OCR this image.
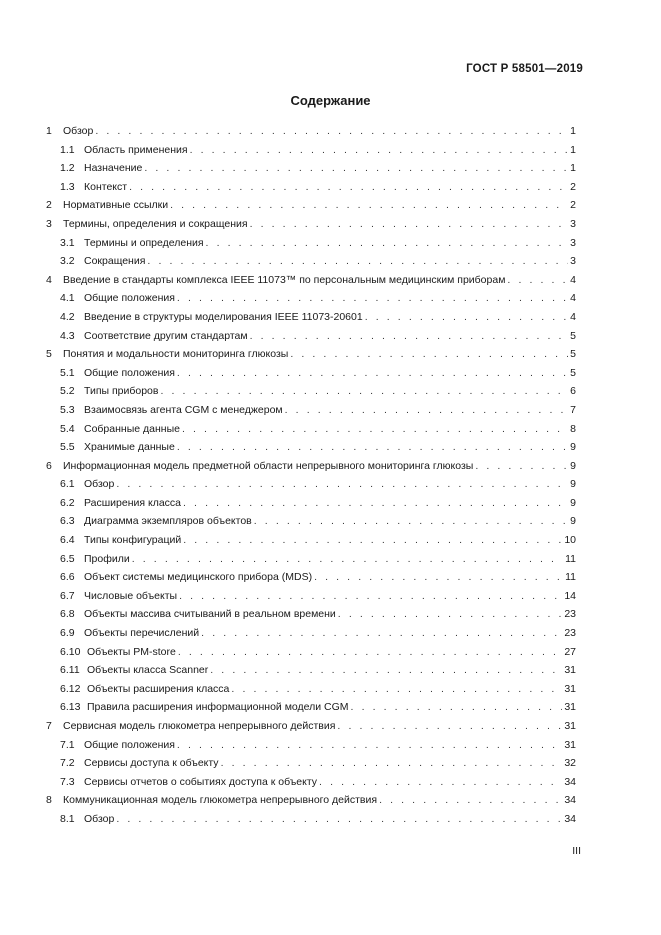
ГОСТ Р 58501—2019
Содержание
1	Обзор . . .	1
1.1 Область применения . . .	1
1.2 Назначение . . .	1
1.3 Контекст . . .	2
2	Нормативные ссылки . . .	2
3	Термины, определения и сокращения . . .	3
3.1 Термины и определения . . .	3
3.2 Сокращения . . .	3
4	Введение в стандарты комплекса IEEE 11073™ по персональным медицинским приборам . . .	4
4.1 Общие положения . . .	4
4.2 Введение в структуры моделирования IEEE 11073-20601 . . .	4
4.3 Соответствие другим стандартам . . .	5
5	Понятия и модальности мониторинга глюкозы . . .	5
5.1 Общие положения . . .	5
5.2 Типы приборов . . .	6
5.3 Взаимосвязь агента CGM с менеджером . . .	7
5.4 Собранные данные . . .	8
5.5 Хранимые данные . . .	9
6	Информационная модель предметной области непрерывного мониторинга глюкозы . . .	9
6.1 Обзор . . .	9
6.2 Расширения класса . . .	9
6.3 Диаграмма экземпляров объектов . . .	9
6.4 Типы конфигураций . . .	10
6.5 Профили . . .	11
6.6 Объект системы медицинского прибора (MDS) . . .	11
6.7 Числовые объекты . . .	14
6.8 Объекты массива считываний в реальном времени . . .	23
6.9 Объекты перечислений . . .	23
6.10 Объекты PM-store . . .	27
6.11 Объекты класса Scanner . . .	31
6.12 Объекты расширения класса . . .	31
6.13 Правила расширения информационной модели CGM . . .	31
7	Сервисная модель глюкометра непрерывного действия . . .	31
7.1 Общие положения . . .	31
7.2 Сервисы доступа к объекту . . .	32
7.3 Сервисы отчетов о событиях доступа к объекту . . .	34
8	Коммуникационная модель глюкометра непрерывного действия . . .	34
8.1 Обзор . . .	34
III
